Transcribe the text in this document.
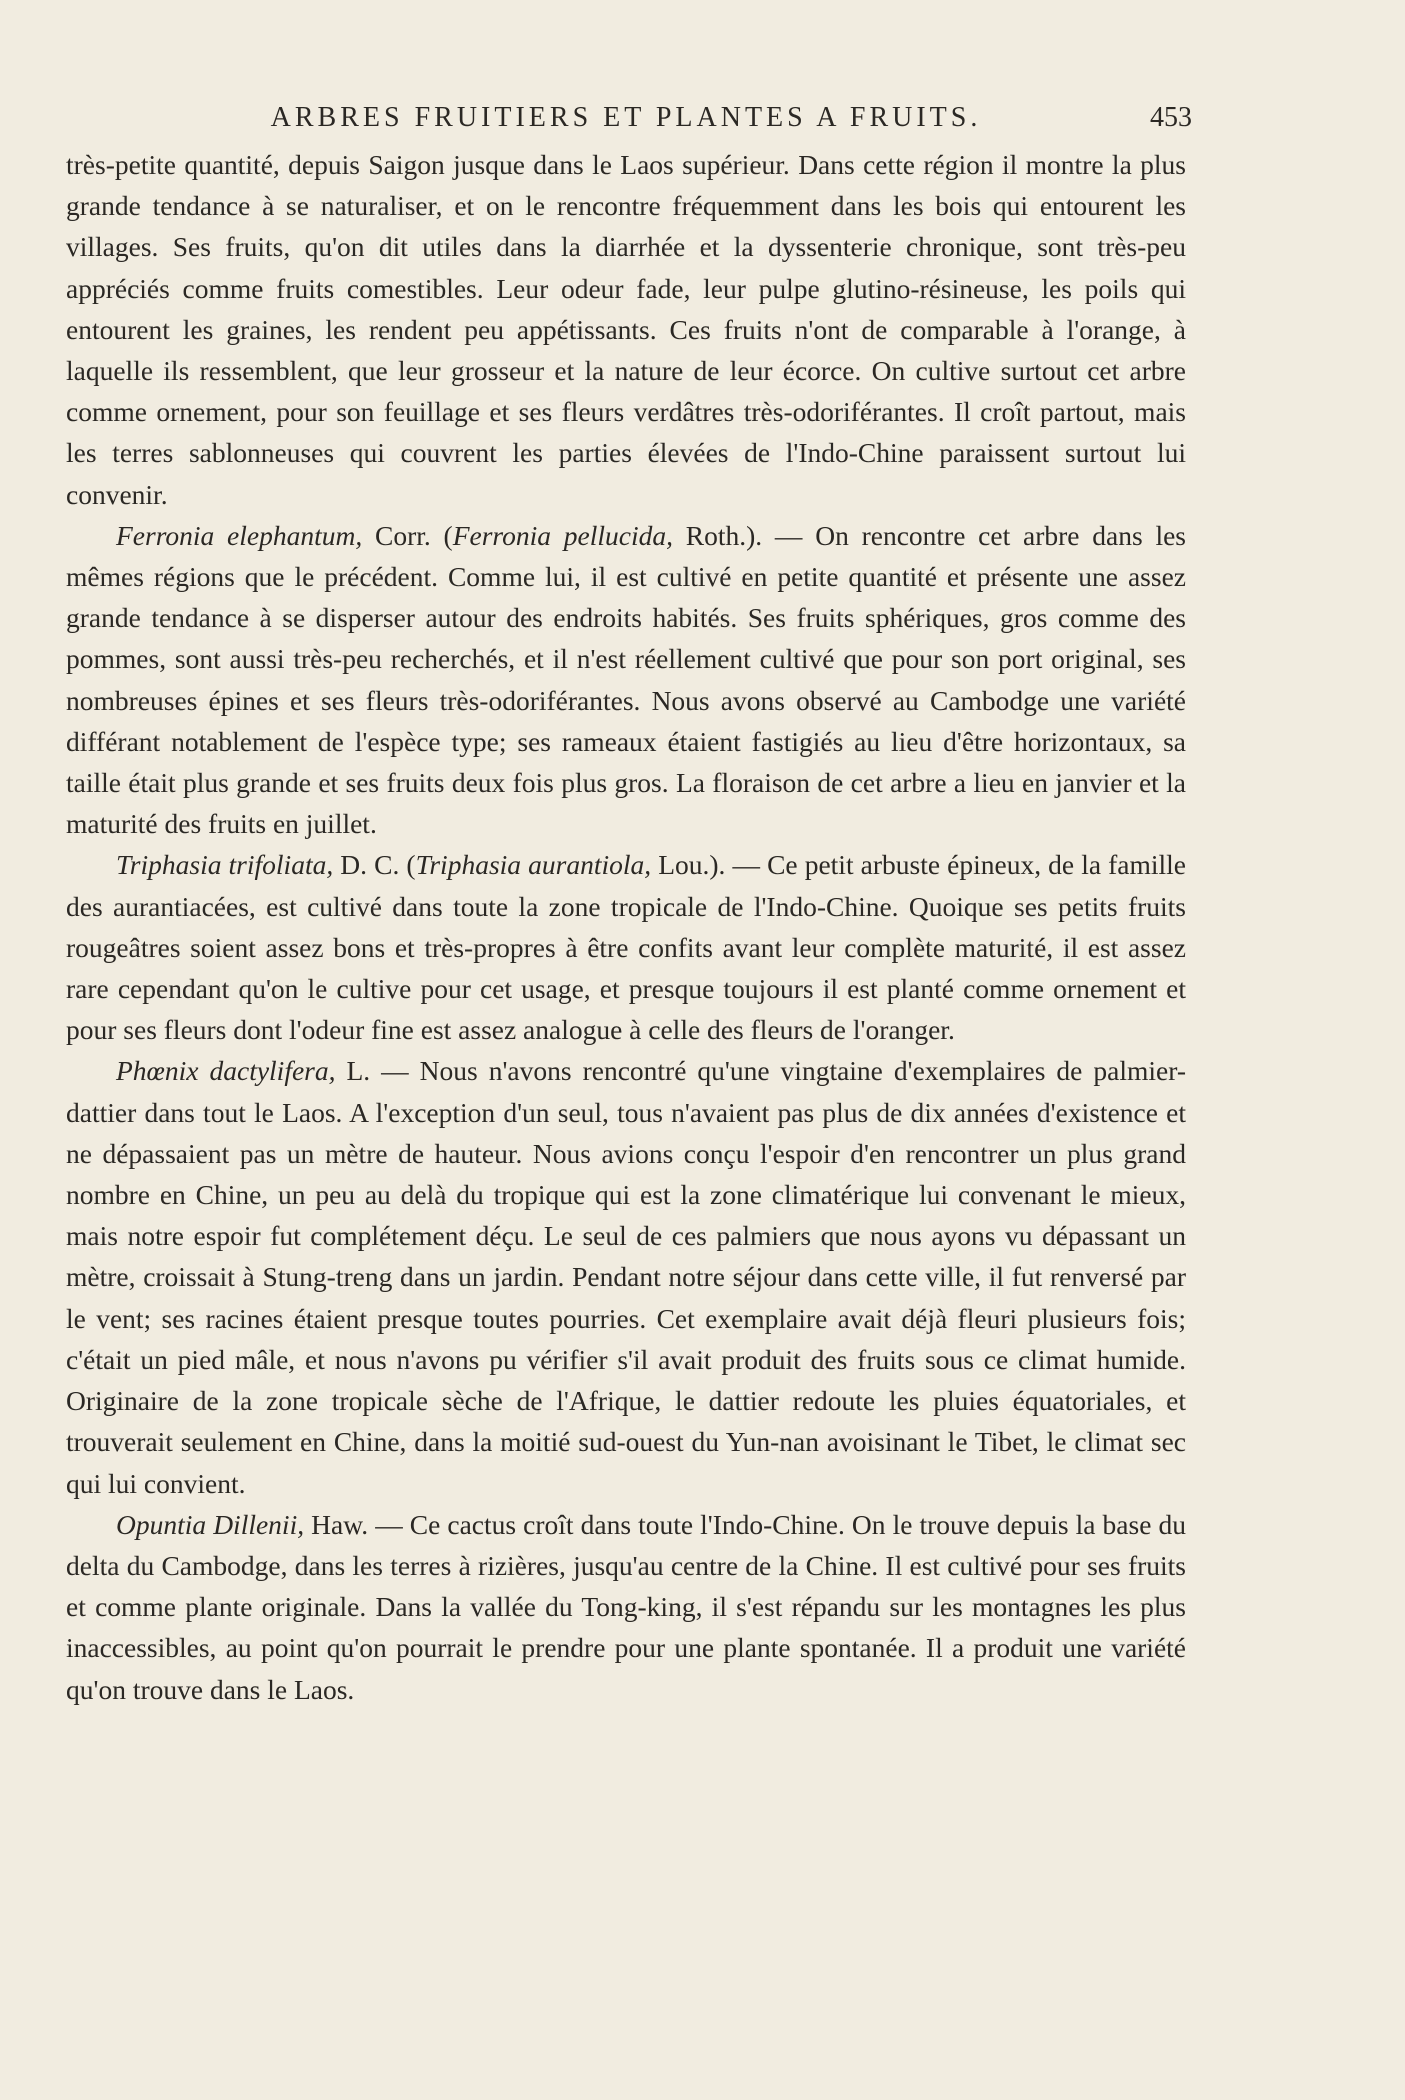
ARBRES FRUITIERS ET PLANTES A FRUITS.	453

très-petite quantité, depuis Saigon jusque dans le Laos supérieur. Dans cette région il montre la plus grande tendance à se naturaliser, et on le rencontre fréquemment dans les bois qui entourent les villages. Ses fruits, qu'on dit utiles dans la diarrhée et la dyssenterie chronique, sont très-peu appréciés comme fruits comestibles. Leur odeur fade, leur pulpe glutino-résineuse, les poils qui entourent les graines, les rendent peu appétissants. Ces fruits n'ont de comparable à l'orange, à laquelle ils ressemblent, que leur grosseur et la nature de leur écorce. On cultive surtout cet arbre comme ornement, pour son feuillage et ses fleurs verdâtres très-odoriférantes. Il croît partout, mais les terres sablonneuses qui couvrent les parties élevées de l'Indo-Chine paraissent surtout lui convenir.

Ferronia elephantum, Corr. (Ferronia pellucida, Roth.). — On rencontre cet arbre dans les mêmes régions que le précédent. Comme lui, il est cultivé en petite quantité et présente une assez grande tendance à se disperser autour des endroits habités. Ses fruits sphériques, gros comme des pommes, sont aussi très-peu recherchés, et il n'est réellement cultivé que pour son port original, ses nombreuses épines et ses fleurs très-odoriférantes. Nous avons observé au Cambodge une variété différant notablement de l'espèce type; ses rameaux étaient fastigiés au lieu d'être horizontaux, sa taille était plus grande et ses fruits deux fois plus gros. La floraison de cet arbre a lieu en janvier et la maturité des fruits en juillet.

Triphasia trifoliata, D. C. (Triphasia aurantiola, Lou.). — Ce petit arbuste épineux, de la famille des aurantiacées, est cultivé dans toute la zone tropicale de l'Indo-Chine. Quoique ses petits fruits rougeâtres soient assez bons et très-propres à être confits avant leur complète maturité, il est assez rare cependant qu'on le cultive pour cet usage, et presque toujours il est planté comme ornement et pour ses fleurs dont l'odeur fine est assez analogue à celle des fleurs de l'oranger.

Phœnix dactylifera, L. — Nous n'avons rencontré qu'une vingtaine d'exemplaires de palmier-dattier dans tout le Laos. A l'exception d'un seul, tous n'avaient pas plus de dix années d'existence et ne dépassaient pas un mètre de hauteur. Nous avions conçu l'espoir d'en rencontrer un plus grand nombre en Chine, un peu au delà du tropique qui est la zone climatérique lui convenant le mieux, mais notre espoir fut complétement déçu. Le seul de ces palmiers que nous ayons vu dépassant un mètre, croissait à Stung-treng dans un jardin. Pendant notre séjour dans cette ville, il fut renversé par le vent; ses racines étaient presque toutes pourries. Cet exemplaire avait déjà fleuri plusieurs fois; c'était un pied mâle, et nous n'avons pu vérifier s'il avait produit des fruits sous ce climat humide. Originaire de la zone tropicale sèche de l'Afrique, le dattier redoute les pluies équatoriales, et trouverait seulement en Chine, dans la moitié sud-ouest du Yun-nan avoisinant le Tibet, le climat sec qui lui convient.

Opuntia Dillenii, Haw. — Ce cactus croît dans toute l'Indo-Chine. On le trouve depuis la base du delta du Cambodge, dans les terres à rizières, jusqu'au centre de la Chine. Il est cultivé pour ses fruits et comme plante originale. Dans la vallée du Tong-king, il s'est répandu sur les montagnes les plus inaccessibles, au point qu'on pourrait le prendre pour une plante spontanée. Il a produit une variété qu'on trouve dans le Laos.
